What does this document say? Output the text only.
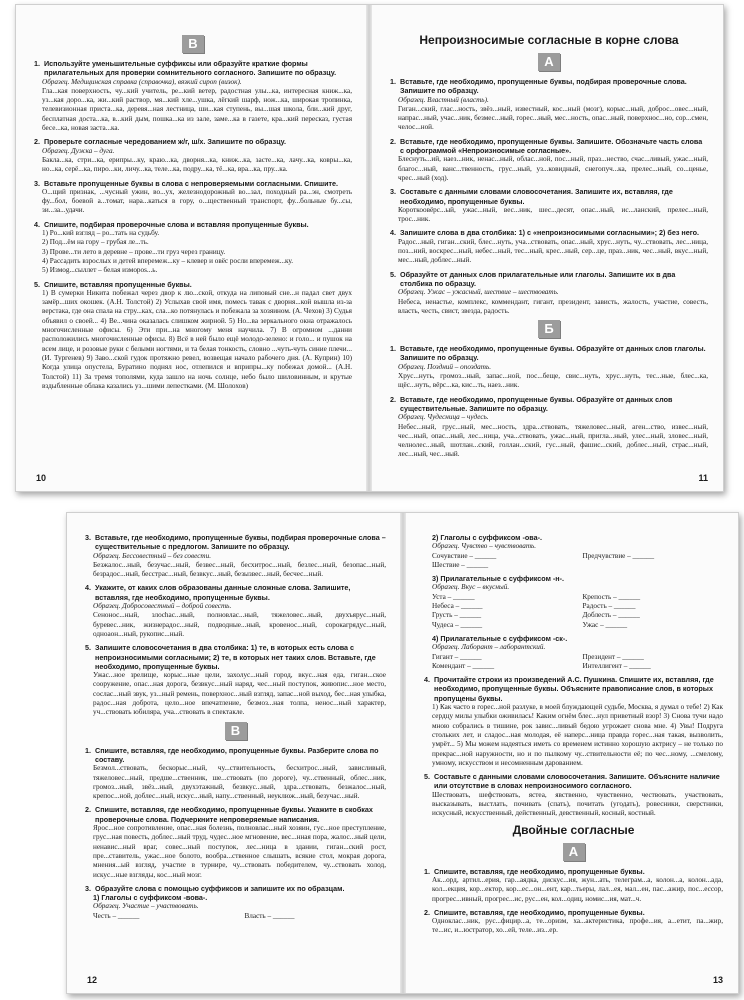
В
1. Используйте уменьшительные суффиксы или образуйте краткие формы прилагательных для проверки сомнительного согласного. Запишите по образцу.
Образец. Медицинская справка (справочка), вязкий сироп (визок).
Гла...кая поверхность, чу...кий учитель, ре...кий ветер, радостная улы...ка, интересная книж...ка, уз...кая доро...ка, жи...кий раствор, мя...кий хле...ушка, лёгкий шарф, нож...ка, широкая тропинка, телевизионная приста...ка, деревя...ная лестница, ши...кая ступень, вы...шая школа, бли...кий друг, бесплатная доста...ка, в...кий дым, пошка...ка из зале, заме...ка в газете, кра...кий пересказ, густая бесе...ка, новая заста...ка.
2. Проверьте согласные чередованием ж/г, ш/х. Запишите по образцу.
Образец. Дужка – дуга.
Бакла...ка, стри...ка, ерипры...ку, краю...ка, дворня...ка, книж...ка, засте...ка, лачу...ка, ковры...ка, но...ка, серё...ка, пиро...ки, личу...ка, теле...ка, подру...ка, тё...ка, вра...ка, пру...ка.
3. Вставьте пропущенные буквы в слова с непроверяемыми согласными. Спишите.
О...щий признак, ...чусный ужин, во...ух, железнодорожный во...зал, походный ра...эн, смотреть фу...бол, боевой а...томат, нара...каться в гору, о...щественный транспорт, фу...больные бу...сы, зи...за...удачи.
4. Спишите, подбирая проверочные слова и вставляя пропущенные буквы.
1) Ро...кий взгляд – ро...тать на судьбу.
2) Под...ём на гору – грубая ле...ть.
3) Прове...ти лето в деревне – прове...ти груз через границу.
4) Рассадить взрослых и детей вперемеж...ку – клевер и овёс росли вперемеж...ку.
5) Измоg...сыллет – белая измороs...ь.
5. Спишите, вставляя пропущенные буквы.
1) В сумерки Никита побежал через двор к лю...ской, откуда на липовый сне...н падал свет двух замёр...ших окошек. (А.Н. Толстой) 2) Услыхав свой имя, помесь тавак с дворня...кой вышла из-за верстака, где она спала на стру...ках, сла...ко потянулась и побежала за хозяином. (А. Чехов) 3) Судья объявил о своей... 4) Ве...чина оказалась слишком жирной. 5) Но...ва зеркального окна отражалось многочисленные офисы. 6) Эти при...на многому меня научила. 7) В огромном ...данни расположились многочисленные офисы. 8) Всё в ней было ещё молодо-зелено: и голо... и пушок на всем лице, и розовые руки с белыми ногтями, и та белая тонкость, словно ...чуть-чуть синие плечи... (И. Тургенев) 9) Заво...ской гудок протяжно ревел, возвещая начало рабочего дня. (А. Куприн) 10) Когда улица опустела, Буратино поднял нос, отлепился и вприпры...ку побежал домой... (А.Н. Толстой) 11) За тремя тополями, куда зашло на ночь солнце, небо было шиловинным, и крутые вздыбленные облака казались уз...шими лепестками. (М. Шолохов)
10
Непроизносимые согласные в корне слова
А
1. Вставьте, где необходимо, пропущенные буквы, подбирая проверочные слова. Запишите по образцу.
Образец. Властный (власть).
Гиган...ский, глас...ность, звёз...ный, известный, кос...ный (мозг), корыс...ный, доброс...овес...ный, напрас...ный, учас...ник, безмес...ный, горес...ный, мес...ность, опас...ный, поверхнос...но, сор...смен, челос...ной.
2. Вставьте, где необходимо, пропущенные буквы. Запишите. Обозначьте часть слова с орфограммой «Непроизносимые согласные».
Блеснуть...ий, наез...ник, ненас...ный, облас...ной, пос...ный, праз...нество, счас...ливый, ужас...ный, благос...ный, ванс...твенность, грус...ный, уз...ковидный, снегопуч...ка, прелес...ный, со...ценье, чрес...ный (ход).
3. Составьте с данными словами словосочетания. Запишите их, вставляя, где необходимо, пропущенные буквы.
Короткоовёрс...ый, ужас...ный, вес...ник, шес...десят, опас...ный, ис...ланский, прелес...ный, трос...ник.
4. Запишите слова в два столбика: 1) с «непроизносимыми согласными»; 2) без него.
Радос...ный, гиган...ский, блес...нуть, уча...ствовать, опас...ный, хрус...нуть, чу...ствовать, лес...ница, поз...ний, воскрес...ный, небес...ный, тес...ный, крес...ный, сер...це, праз...ник, чес...ный, вкус...ный, мес...ный, доблес...ный.
5. Образуйте от данных слов прилагательные или глаголы. Запишите их в два столбика по образцу.
Образец. Ужас – ужасный, шествие – шествовать.
Небеса, ненастье, комплекс, коммендант, гигант, президент, зависть, жалость, участие, совесть, власть, честь, свист, звезда, радость.
Б
1. Вставьте, где необходимо, пропущенные буквы. Образуйте от данных слов глаголы. Запишите по образцу.
Образец. Поздний – опоздать.
Хрус...нуть, громоз...ный, запас...ной, пос...беще, свис...нуть, хрус...нуть, тес...ные, блес...ка, щёс...нуть, вёрс...ка, кис...ть, наез...ник.
2. Вставьте, где необходимо, пропущенные буквы. Образуйте от данных слов существительные. Запишите по образцу.
Образец. Чудесница – чудесь.
Небес...ный, грус...ный, мес...ность, здра...ствовать, тяжеловес...ный, аген...ство, извес...ный, чес...ный, опас...ный, лес...ница, уча...ствовать, ужас...ный, пригла...ный, улес...ный, зловес...ный, челнолес...ный, шотлан...ский, голлан...ский, гус...ный, фашис...ский, доблес...ный, страс...ный, лес...ный, чес...ный.
11
3. Вставьте, где необходимо, пропущенные буквы, подбирая проверочные слова – существительные с предлогом. Запишите по образцу.
Образец. Бессовестный – без совести.
Безжалос...ный, безучас...ный, безвес...ный, бесхитрос...ный, безлес...ный, безопас...ный, безрадос...ный, бесстрас...ный, безвкус...ный, безызвес...ный, бесчес...ный.
4. Укажите, от каких слов образованы данные сложные слова. Запишите, вставляя, где необходимо, пропущенные буквы.
Образец. Доброcовестный – доброй совесть.
Сенонос...ный, злоchас...ный, полновлас...ный, тяжеловес...ный, двухъярус...ный, буревес...ник, жизнерадос...ный, подводные...ный, кровенос...ный, сорокагрядус...ный, одноаон...ный, рукопис...ный.
5. Запишите словосочетания в два столбика: 1) те, в которых есть слова с непроизносимыми согласными; 2) те, в которых нет таких слов. Вставьте, где необходимо, пропущенные буквы.
Ужас...ное зрелище, корыс...ные цели, захолус...ный город, вкус...ная еда, гиган...ское сооружение, опас...ная дорога, безвкус...ный наряд, чес...ный поступок, живопис...ное место, сослас...ный звук, уз...ный ремень, поверхнос...ный взгляд, запас...ной выход, бес...ная улыбка, радос...ная доброта, цело...ное впечатление, безмоз...ная толпа, ненос...ный характер, уч...ствовать юбиляра, уча...ствовать в спектакле.
В
1. Спишите, вставляя, где необходимо, пропущенные буквы. Разберите слова по составу.
Безмол...ствовать, бескорыс...ный, чу...ствительность, бесхитрос...ный, зависливый, тяжеловес...ный, предше...ственник, ше...ствовать (по дороге), чу...ственный, облес...ник, громоз...ный, звёз...ный, двухэтажный, безвкус...ный, здра...ствовать, безжалос...ный, крепос...ной, доблес...ный, искус...ный, напу...ственный, неуклюж...ный, безучас...ный.
2. Спишите, вставляя, где необходимо, пропущенные буквы. Укажите в скобках проверочные слова. Подчеркните непроверяемые написания.
Ярос...ное сопротивление, опас...ная болезнь, полновлас...ный хозяин, гус...ное преступление, грус...ная повесть, доблес...ный труд, чудес...ное мгновение, вес...нная пора, жалос...ный цели, ненавис...ный враг, совес...ный поступок, лес...ница в здании, гиган...ский рост, пре...ставитель, ужас...ное болото, вообра...ственное слышать, всякие стол, мокрая дорога, мнения...ый взгляд, участие в турнире, чу...ствовать победителем, чу...ствовать холод, искус...ные взгляды, кос...ный мозг.
3. Образуйте слова с помощью суффиксов и запишите их по образцам.
1) Глаголы с суффиксом -вова-.
Образец. Участие – участвовать.
Честь – ______	Власть – ______
12
2) Глаголы с суффиксом -ова-.
Образец. Чувство – чувствовать.
Сочувствие – ______	Предчувствие – ______
Шествие – ______
3) Прилагательные с суффиксом -н-.
Образец. Вкус – вкусный.
Уста – ______	Крепость – ______
Небеса – ______	Радость – ______
Грусть – ______	Доблесть – ______
Чудеса – ______	Ужас – ______
4) Прилагательные с суффиксом -ск-.
Образец. Лаборант – лаборантский.
Гигант – ______	Президент – ______
Комендант – ______	Интеллигент – ______
4. Прочитайте строки из произведений А.С. Пушкина. Спишите их, вставляя, где необходимо, пропущенные буквы. Объясните правописание слов, в которых пропущены буквы.
1) Как часто в горес...ной разлуке, в моей блуждающей судьбе, Москва, я думал о тебе! 2) Как сердцу милы улыбки оживилась! Каким огнём блес...нул приветный взор! 3) Снова тучи надо мною собрались в тишине, рок завис...ливый бедою угрожает снова мне. 4) Увы! Подруга стольких лет, и сладос...ная молодая, её наперс...ница правда горес...ная такая, вызволить, умрёт... 5) Мы можем надеяться иметь со временем истинно хорошую актрису – не только по прекрас...ной наружности, но и по пылкому чу...ствительности её; по чес...ному, ...смелому, умному, искусством и несомненным дарованием.
5. Составьте с данными словами словосочетания. Запишите. Объясните наличие или отсутствие в словах непроизносимого согласного.
Шествовать, шефствовать, ястеа, явственно, чувственно, чествовать, участвовать, высказывать, выстлать, почивать (спать), почитать (угодать), ровесники, сверстники, искусный, искусственный, действенный, девственный, косный, костный.
Двойные согласные
А
1. Спишите, вставляя, где необходимо, пропущенные буквы.
Ак...орд, артил...ерия, гар...аядка, дискус...ия, жун...ать, телеграм...а, колон...а, колон...ада, кол...екция, кор...ектор, кор...ес...он...ент, кар...тьеры, лал...ея, мал...ен, пас...ажир, пос...ессор, прогрес...ивный, прогрес...ис, рус...ен, кол...одиц, номис...ия, мат...ч.
2. Спишите, вставляя, где необходимо, пропущенные буквы.
Одноклас...ник, рус...фицир...а, те...оризм, ха...актеристика, профе...ия, а...етит, па...жир, те...ис, и...юстратор, хо...ей, теле...из...ер.
13
